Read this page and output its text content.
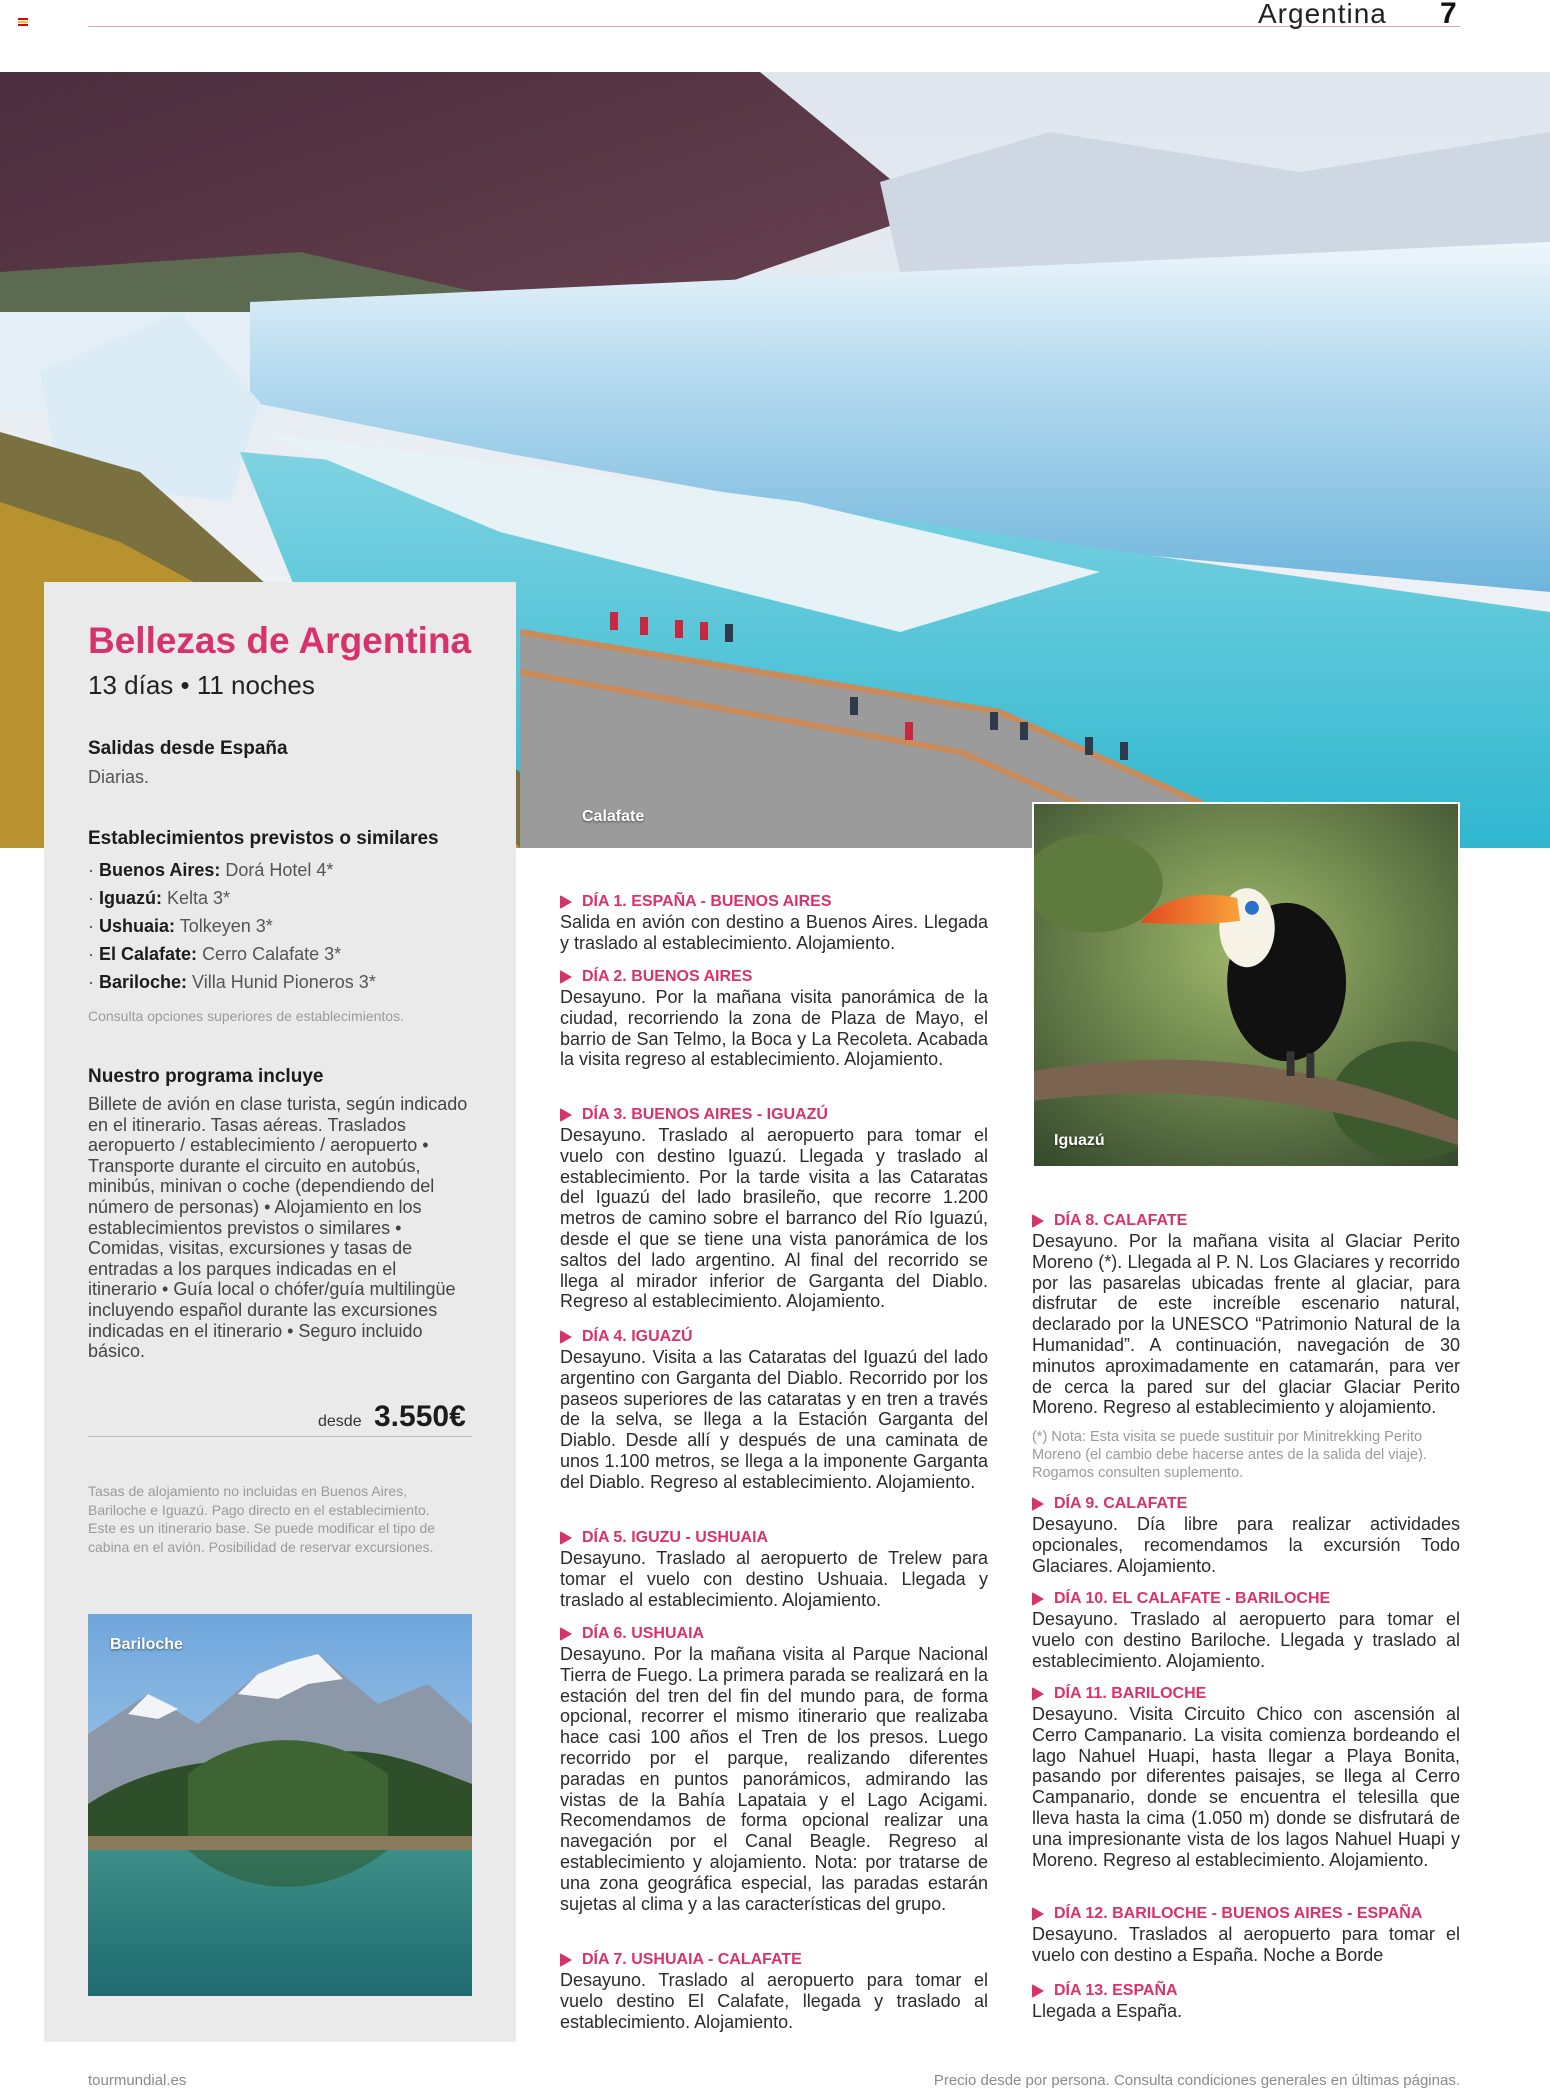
Argentina 7
Calafate
Iguazú
Bellezas de Argentina
13 días • 11 noches
Salidas desde España
Diarias.
Establecimientos previstos o similares
· Buenos Aires: Dorá Hotel 4*
· Iguazú: Kelta 3*
· Ushuaia: Tolkeyen 3*
· El Calafate: Cerro Calafate 3*
· Bariloche: Villa Hunid Pioneros 3*
Consulta opciones superiores de establecimientos.
Nuestro programa incluye
Billete de avión en clase turista, según indicado en el itinerario. Tasas aéreas. Traslados aeropuerto / establecimiento / aeropuerto • Transporte durante el circuito en autobús, minibús, minivan o coche (dependiendo del número de personas) • Alojamiento en los establecimientos previstos o similares • Comidas, visitas, excursiones y tasas de entradas a los parques indicadas en el itinerario • Guía local o chófer/guía multilingüe incluyendo español durante las excursiones indicadas en el itinerario • Seguro incluido básico.
desde 3.550€
Tasas de alojamiento no incluidas en Buenos Aires, Bariloche e Iguazú. Pago directo en el establecimiento. Este es un itinerario base. Se puede modificar el tipo de cabina en el avión. Posibilidad de reservar excursiones.
Bariloche
DÍA 1. ESPAÑA - BUENOS AIRES
Salida en avión con destino a Buenos Aires. Llegada y traslado al establecimiento. Alojamiento.
DÍA 2. BUENOS AIRES
Desayuno. Por la mañana visita panorámica de la ciudad, recorriendo la zona de Plaza de Mayo, el barrio de San Telmo, la Boca y La Recoleta. Acabada la visita regreso al establecimiento. Alojamiento.
DÍA 3. BUENOS AIRES - IGUAZÚ
Desayuno. Traslado al aeropuerto para tomar el vuelo con destino Iguazú. Llegada y traslado al establecimiento. Por la tarde visita a las Cataratas del Iguazú del lado brasileño, que recorre 1.200 metros de camino sobre el barranco del Río Iguazú, desde el que se tiene una vista panorámica de los saltos del lado argentino. Al final del recorrido se llega al mirador inferior de Garganta del Diablo. Regreso al establecimiento. Alojamiento.
DÍA 4. IGUAZÚ
Desayuno. Visita a las Cataratas del Iguazú del lado argentino con Garganta del Diablo. Recorrido por los paseos superiores de las cataratas y en tren a través de la selva, se llega a la Estación Garganta del Diablo. Desde allí y después de una caminata de unos 1.100 metros, se llega a la imponente Garganta del Diablo. Regreso al establecimiento. Alojamiento.
DÍA 5. IGUZU - USHUAIA
Desayuno. Traslado al aeropuerto de Trelew para tomar el vuelo con destino Ushuaia. Llegada y traslado al establecimiento. Alojamiento.
DÍA 6. USHUAIA
Desayuno. Por la mañana visita al Parque Nacional Tierra de Fuego. La primera parada se realizará en la estación del tren del fin del mundo para, de forma opcional, recorrer el mismo itinerario que realizaba hace casi 100 años el Tren de los presos. Luego recorrido por el parque, realizando diferentes paradas en puntos panorámicos, admirando las vistas de la Bahía Lapataia y el Lago Acigami. Recomendamos de forma opcional realizar una navegación por el Canal Beagle. Regreso al establecimiento y alojamiento. Nota: por tratarse de una zona geográfica especial, las paradas estarán sujetas al clima y a las características del grupo.
DÍA 7. USHUAIA - CALAFATE
Desayuno. Traslado al aeropuerto para tomar el vuelo destino El Calafate, llegada y traslado al establecimiento. Alojamiento.
DÍA 8. CALAFATE
Desayuno. Por la mañana visita al Glaciar Perito Moreno (*). Llegada al P. N. Los Glaciares y recorrido por las pasarelas ubicadas frente al glaciar, para disfrutar de este increíble escenario natural, declarado por la UNESCO “Patrimonio Natural de la Humanidad”. A continuación, navegación de 30 minutos aproximadamente en catamarán, para ver de cerca la pared sur del glaciar Glaciar Perito Moreno. Regreso al establecimiento y alojamiento.
(*) Nota: Esta visita se puede sustituir por Minitrekking Perito Moreno (el cambio debe hacerse antes de la salida del viaje). Rogamos consulten suplemento.
DÍA 9. CALAFATE
Desayuno. Día libre para realizar actividades opcionales, recomendamos la excursión Todo Glaciares. Alojamiento.
DÍA 10. EL CALAFATE - BARILOCHE
Desayuno. Traslado al aeropuerto para tomar el vuelo con destino Bariloche. Llegada y traslado al establecimiento. Alojamiento.
DÍA 11. BARILOCHE
Desayuno. Visita Circuito Chico con ascensión al Cerro Campanario. La visita comienza bordeando el lago Nahuel Huapi, hasta llegar a Playa Bonita, pasando por diferentes paisajes, se llega al Cerro Campanario, donde se encuentra el telesilla que lleva hasta la cima (1.050 m) donde se disfrutará de una impresionante vista de los lagos Nahuel Huapi y Moreno. Regreso al establecimiento. Alojamiento.
DÍA 12. BARILOCHE - BUENOS AIRES - ESPAÑA
Desayuno. Traslados al aeropuerto para tomar el vuelo con destino a España. Noche a Borde
DÍA 13. ESPAÑA
Llegada a España.
tourmundial.es	Precio desde por persona. Consulta condiciones generales en últimas páginas.
